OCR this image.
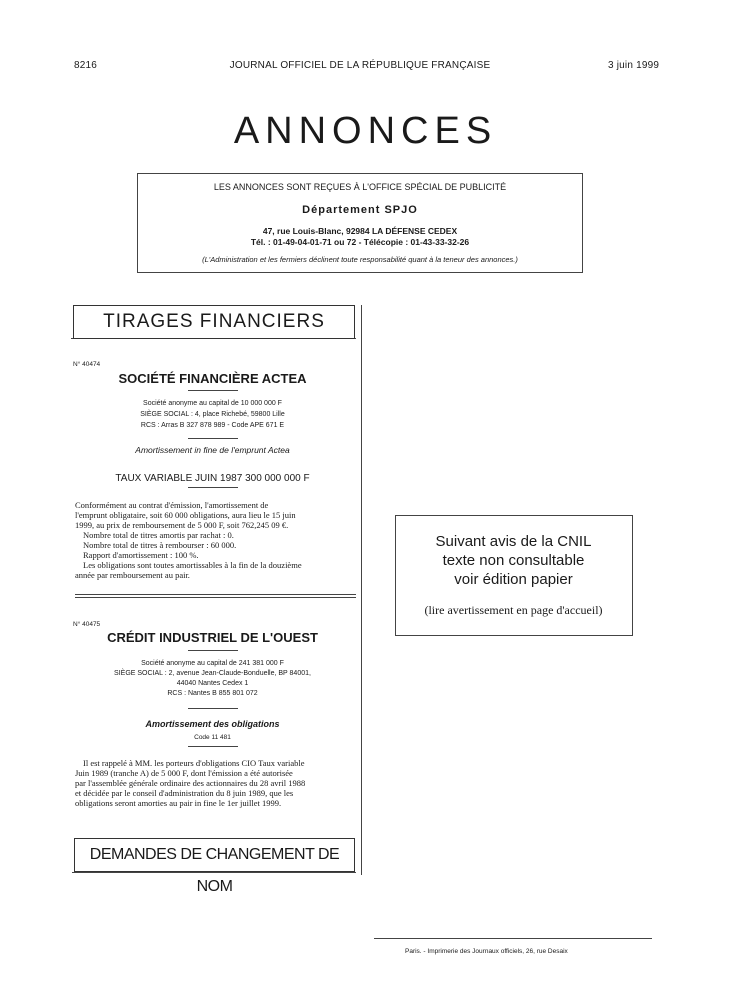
8216	JOURNAL OFFICIEL DE LA RÉPUBLIQUE FRANÇAISE	3 juin 1999
ANNONCES
LES ANNONCES SONT REÇUES À L'OFFICE SPÉCIAL DE PUBLICITÉ
Département SPJO
47, rue Louis-Blanc, 92984 LA DÉFENSE CEDEX
Tél. : 01-49-04-01-71 ou 72 - Télécopie : 01-43-33-32-26
(L'Administration et les fermiers déclinent toute responsabilité quant à la teneur des annonces.)
TIRAGES FINANCIERS
N° 40474
SOCIÉTÉ FINANCIÈRE ACTEA
Société anonyme au capital de 10 000 000 F
SIÈGE SOCIAL : 4, place Richebé, 59800 Lille
RCS : Arras B 327 878 989 - Code APE 671 E
Amortissement in fine de l'emprunt Actea
TAUX VARIABLE JUIN 1987 300 000 000 F
Conformément au contrat d'émission, l'amortissement de
l'emprunt obligataire, soit 60 000 obligations, aura lieu le 15 juin
1999, au prix de remboursement de 5 000 F, soit 762,245 09 €.
Nombre total de titres amortis par rachat : 0.
Nombre total de titres à rembourser : 60 000.
Rapport d'amortissement : 100 %.
Les obligations sont toutes amortissables à la fin de la douzième
année par remboursement au pair.
N° 40475
CRÉDIT INDUSTRIEL DE L'OUEST
Société anonyme au capital de 241 381 000 F
SIÈGE SOCIAL : 2, avenue Jean-Claude-Bonduelle, BP 84001,
44040 Nantes Cedex 1
RCS : Nantes B 855 801 072
Amortissement des obligations
Code 11 481
Il est rappelé à MM. les porteurs d'obligations CIO Taux variable
Juin 1989 (tranche A) de 5 000 F, dont l'émission a été autorisée
par l'assemblée générale ordinaire des actionnaires du 28 avril 1988
et décidée par le conseil d'administration du 8 juin 1989, que les
obligations seront amorties au pair in fine le 1er juillet 1999.
DEMANDES DE CHANGEMENT DE NOM
Suivant avis de la CNIL
texte non consultable
voir édition papier
(lire avertissement en page d'accueil)
Paris. - Imprimerie des Journaux officiels, 26, rue Desaix
